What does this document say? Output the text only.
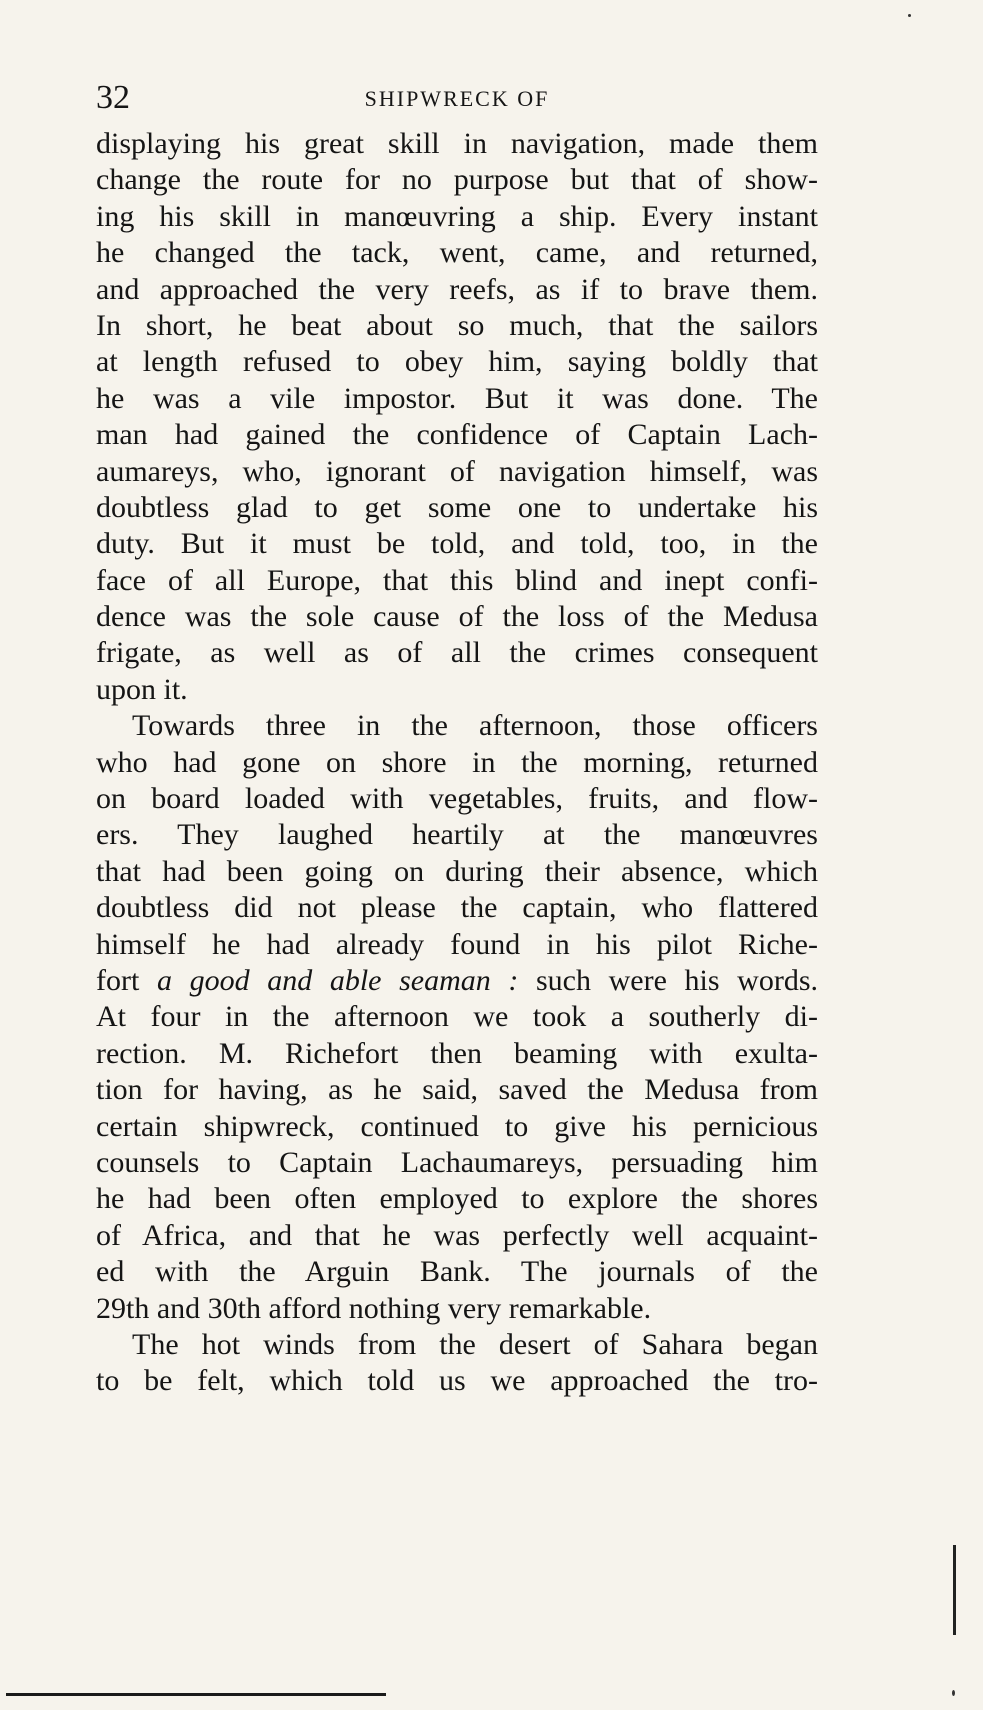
32	SHIPWRECK OF
displaying his great skill in navigation, made them
change the route for no purpose but that of show-
ing his skill in manœuvring a ship. Every instant
he changed the tack, went, came, and returned,
and approached the very reefs, as if to brave them.
In short, he beat about so much, that the sailors
at length refused to obey him, saying boldly that
he was a vile impostor. But it was done. The
man had gained the confidence of Captain Lach-
aumareys, who, ignorant of navigation himself, was
doubtless glad to get some one to undertake his
duty. But it must be told, and told, too, in the
face of all Europe, that this blind and inept confi-
dence was the sole cause of the loss of the Medusa
frigate, as well as of all the crimes consequent
upon it.
Towards three in the afternoon, those officers
who had gone on shore in the morning, returned
on board loaded with vegetables, fruits, and flow-
ers. They laughed heartily at the manœuvres
that had been going on during their absence, which
doubtless did not please the captain, who flattered
himself he had already found in his pilot Riche-
fort a good and able seaman : such were his words.
At four in the afternoon we took a southerly di-
rection. M. Richefort then beaming with exulta-
tion for having, as he said, saved the Medusa from
certain shipwreck, continued to give his pernicious
counsels to Captain Lachaumareys, persuading him
he had been often employed to explore the shores
of Africa, and that he was perfectly well acquaint-
ed with the Arguin Bank. The journals of the
29th and 30th afford nothing very remarkable.
The hot winds from the desert of Sahara began
to be felt, which told us we approached the tro-
